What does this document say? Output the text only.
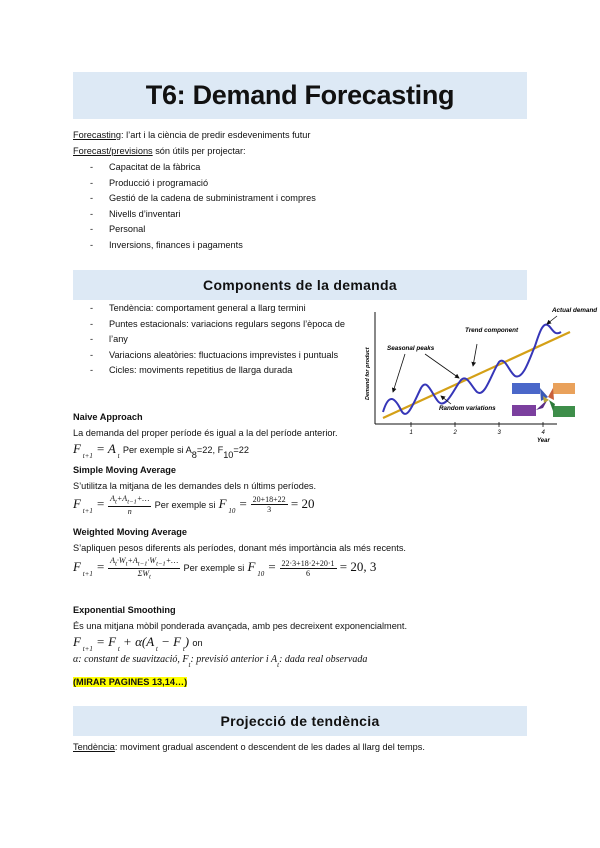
T6: Demand Forecasting
Forecasting: l’art i la ciència de predir esdeveniments futur
Forecast/previsions són útils per projectar:
- Capacitat de la fàbrica
- Producció i programació
- Gestió de la cadena de subministrament i compres
- Nivells d’inventari
- Personal
- Inversions, finances i pagaments
Components de la demanda
- Tendència: comportament general a llarg termini
- Puntes estacionals: variacions regulars segons l’època de
- l’any
- Variacions aleatòries: fluctuacions imprevistes i puntuals
- Cicles: moviments repetitius de llarga durada	Demand for product
1	2	3	4
Year
Actual demand
Trend component
Seasonal peaks
Random variations
Naive Approach
La demanda del proper període és igual a la del període anterior.
F $_{t+1}$ = A $_t$ Per exemple si $A_8=22$, $F_{10}=22$
Simple Moving Average
S’utilitza la mitjana de les demandes dels n últims períodes.
F $_{t+1} = \frac{A_t+A_{t-1}+\dots}{n}$ Per exemple si F $_{10} = \frac{20+18+22}{3} = 20$
Weighted Moving Average
S’apliquen pesos diferents als períodes, donant més importància als més recents.
F $_{t+1} = \frac{A_t\cdot W_t+A_{t-1}\cdot W_{t-1}+\dots}{\Sigma W_t}$ Per exemple si F $_{10} = \frac{22\cdot 3+18\cdot 2+20\cdot 1}{6} = 20$, 3
Exponential Smoothing
És una mitjana mòbil ponderada avançada, amb pes decreixent exponencialment.
F $_{t+1}$ = F $_t$ + α(A $_t$ − F $_t$) on
α: constant de suavització, $F_t$: previsió anterior i $A_t$: dada real observada
(MIRAR PAGINES 13,14…)
Projecció de tendència
Tendència: moviment gradual ascendent o descendent de les dades al llarg del temps.
